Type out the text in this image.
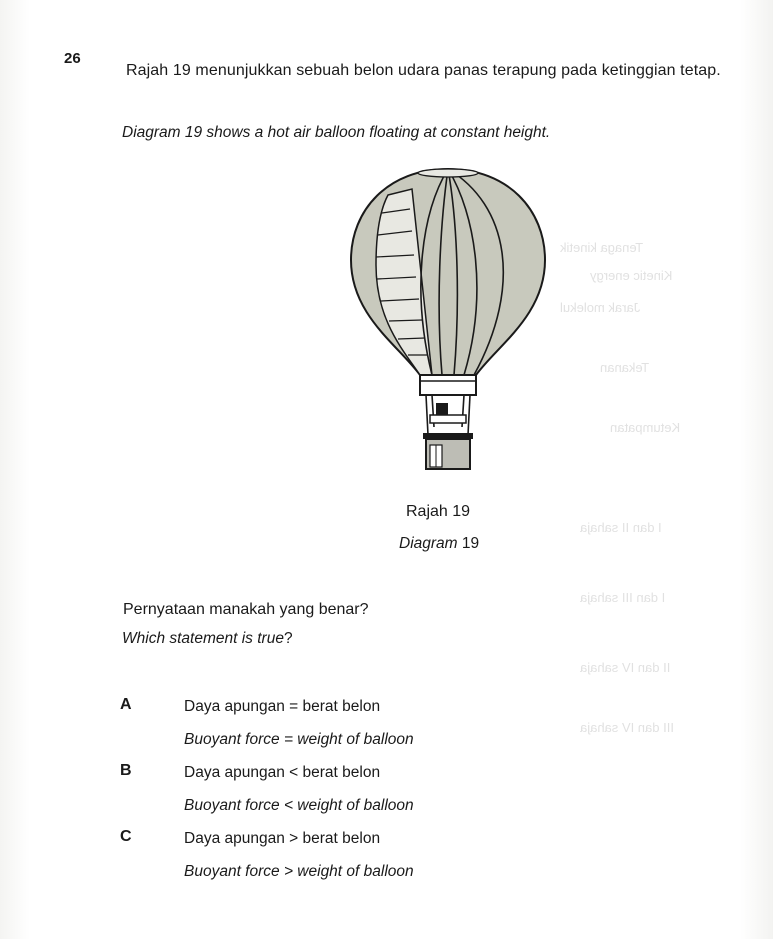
Tenaga kinetik
Kinetic energy
Jarak molekul
Tekanan
Ketumpatan
I dan II sahaja
I dan III sahaja
II dan IV sahaja
III dan IV sahaja
26
Rajah 19 menunjukkan sebuah belon udara panas terapung pada ketinggian tetap.
Diagram 19 shows a hot air balloon floating at constant height.
Rajah 19
Diagram 19
Pernyataan manakah yang benar?
Which statement is true?
A	Daya apungan = berat belon
Buoyant force = weight of balloon
B	Daya apungan < berat belon
Buoyant force < weight of balloon
C	Daya apungan > berat belon
Buoyant force > weight of balloon
